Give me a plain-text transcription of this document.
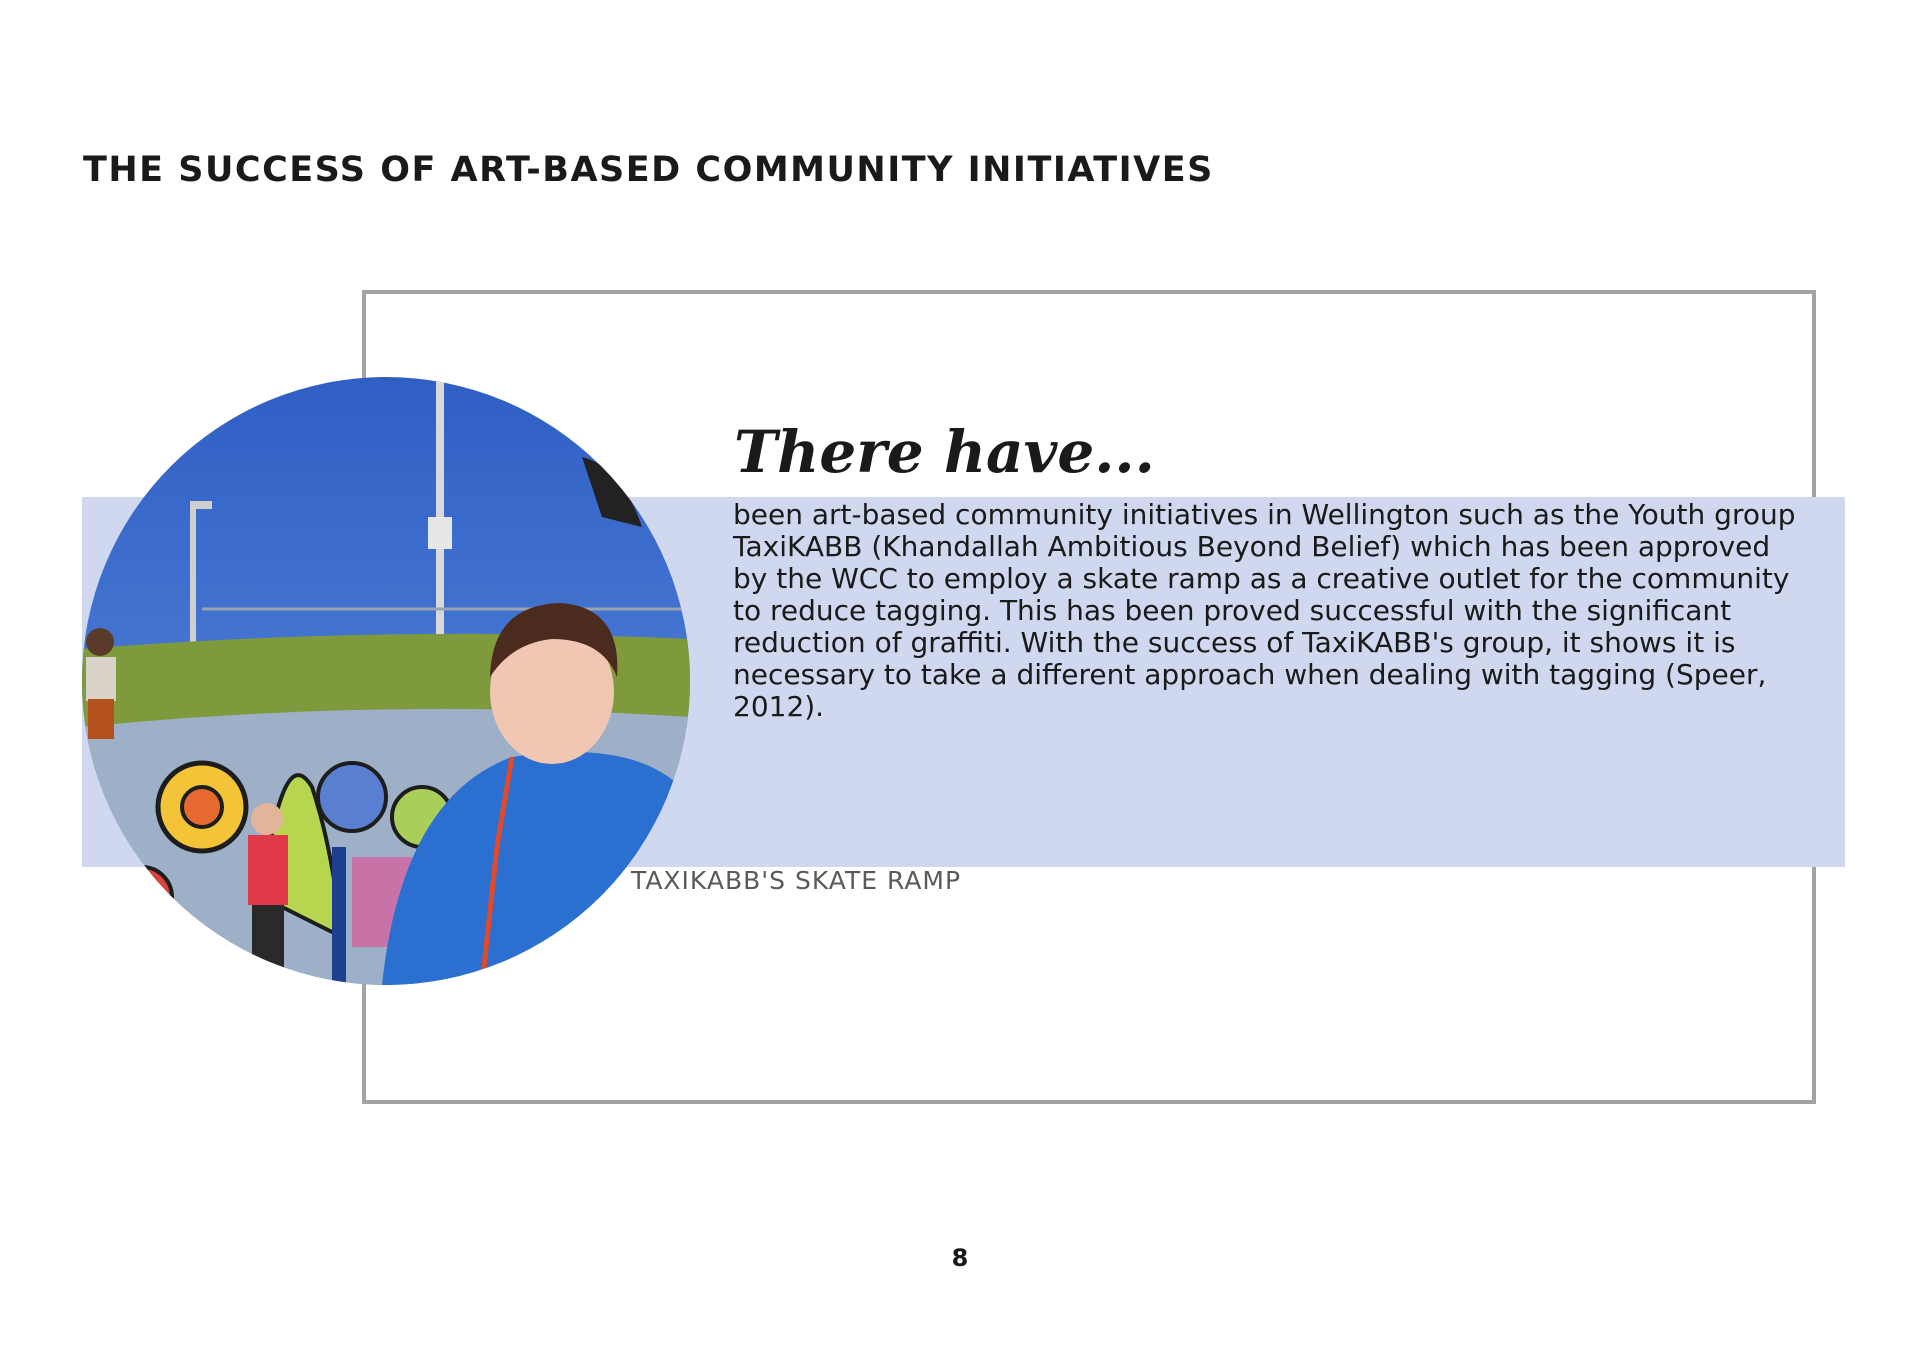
THE SUCCESS OF ART-BASED COMMUNITY INITIATIVES
There have...

been art-based community initiatives in Wellington such as the Youth group TaxiKABB (Khandallah Ambitious Beyond Belief) which has been approved by the WCC to employ a skate ramp as a creative outlet for the community to reduce tagging. This has been proved successful with the significant reduction of graffiti. With the success of TaxiKABB's group, it shows it is necessary to take a different approach when dealing with tagging (Speer, 2012).

TAXIKABB'S SKATE RAMP
8
